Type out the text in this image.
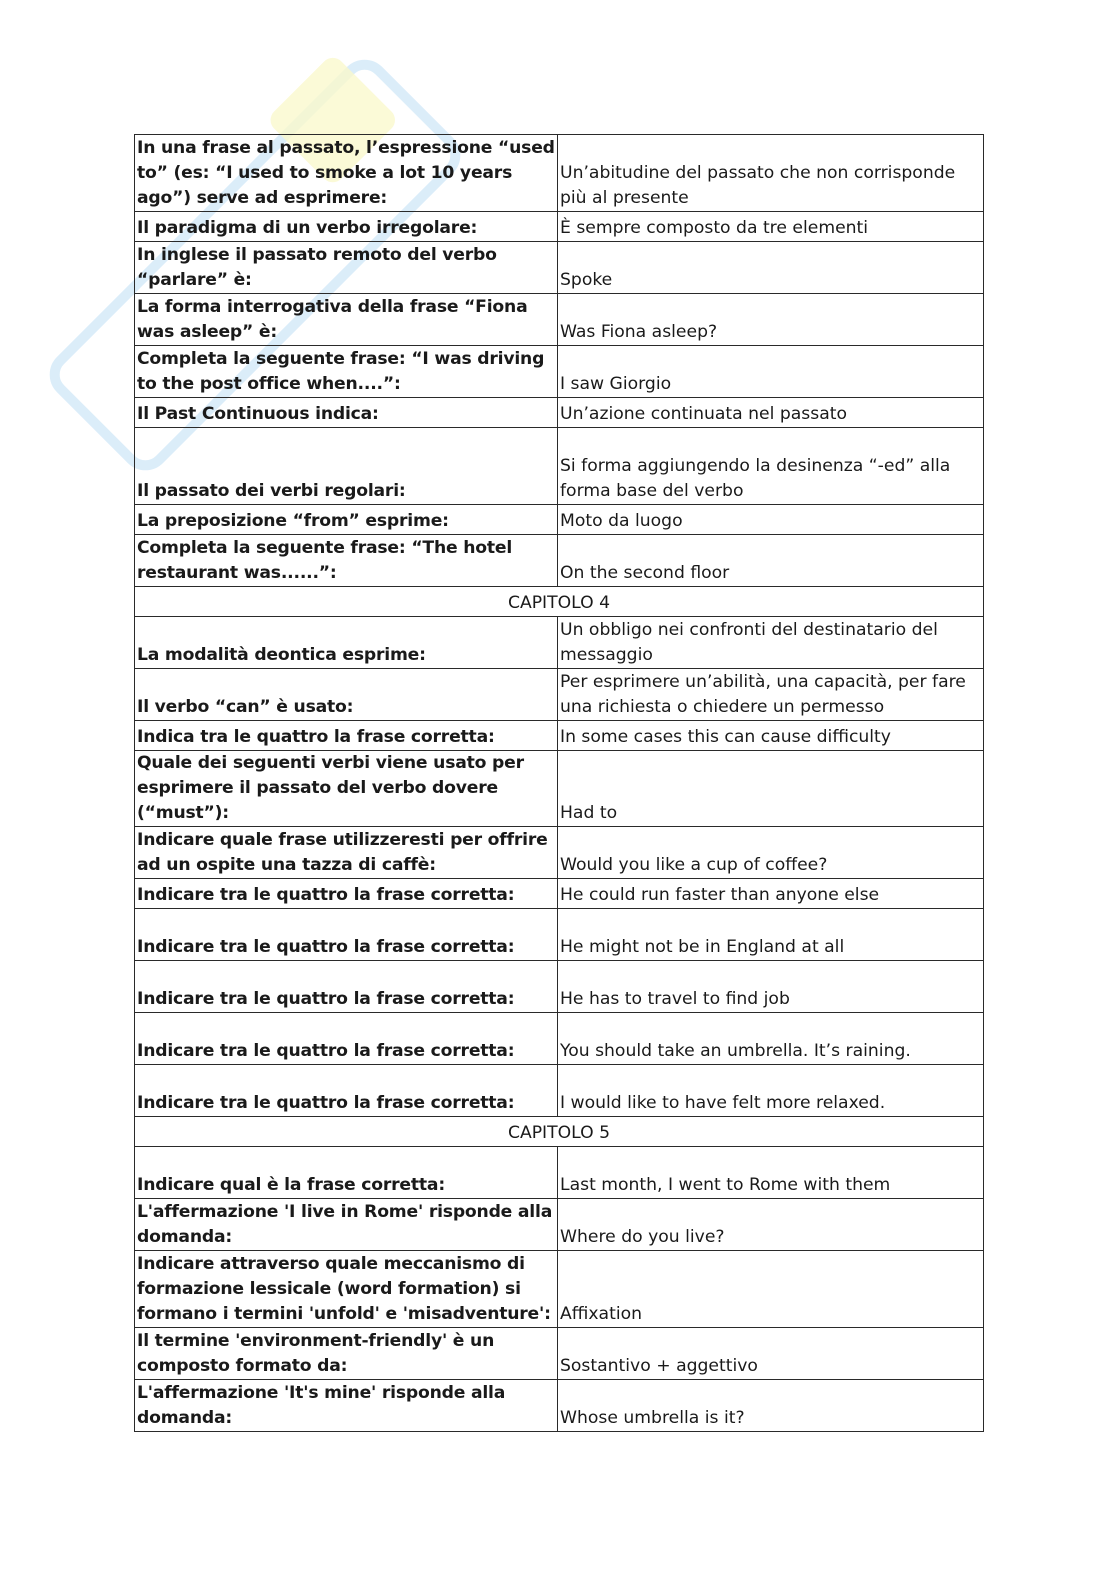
In una frase al passato, l’espressione “used to” (es: “I used to smoke a lot 10 years ago”) serve ad esprimere:	Un’abitudine del passato che non corrisponde più al presente
Il paradigma di un verbo irregolare:	È sempre composto da tre elementi
In inglese il passato remoto del verbo “parlare” è:	Spoke
La forma interrogativa della frase “Fiona was asleep” è:	Was Fiona asleep?
Completa la seguente frase: “I was driving to the post office when....”:	I saw Giorgio
Il Past Continuous indica:	Un’azione continuata nel passato
Il passato dei verbi regolari:	Si forma aggiungendo la desinenza “-ed” alla forma base del verbo
La preposizione “from” esprime:	Moto da luogo
Completa la seguente frase: “The hotel restaurant was......”:	On the second floor
CAPITOLO 4	
La modalità deontica esprime:	Un obbligo nei confronti del destinatario del messaggio
Il verbo “can” è usato:	Per esprimere un’abilità, una capacità, per fare una richiesta o chiedere un permesso
Indica tra le quattro la frase corretta:	In some cases this can cause difficulty
Quale dei seguenti verbi viene usato per esprimere il passato del verbo dovere (“must”):	Had to
Indicare quale frase utilizzeresti per offrire ad un ospite una tazza di caffè:	Would you like a cup of coffee?
Indicare tra le quattro la frase corretta:	He could run faster than anyone else
Indicare tra le quattro la frase corretta:	He might not be in England at all
Indicare tra le quattro la frase corretta:	He has to travel to find job
Indicare tra le quattro la frase corretta:	You should take an umbrella. It’s raining.
Indicare tra le quattro la frase corretta:	I would like to have felt more relaxed.
CAPITOLO 5	
Indicare qual è la frase corretta:	Last month, I went to Rome with them
L'affermazione 'I live in Rome' risponde alla domanda:	Where do you live?
Indicare attraverso quale meccanismo di formazione lessicale (word formation) si formano i termini 'unfold' e 'misadventure':	Affixation
Il termine 'environment-friendly' è un composto formato da:	Sostantivo + aggettivo
L'affermazione 'It's mine' risponde alla domanda:	Whose umbrella is it?
